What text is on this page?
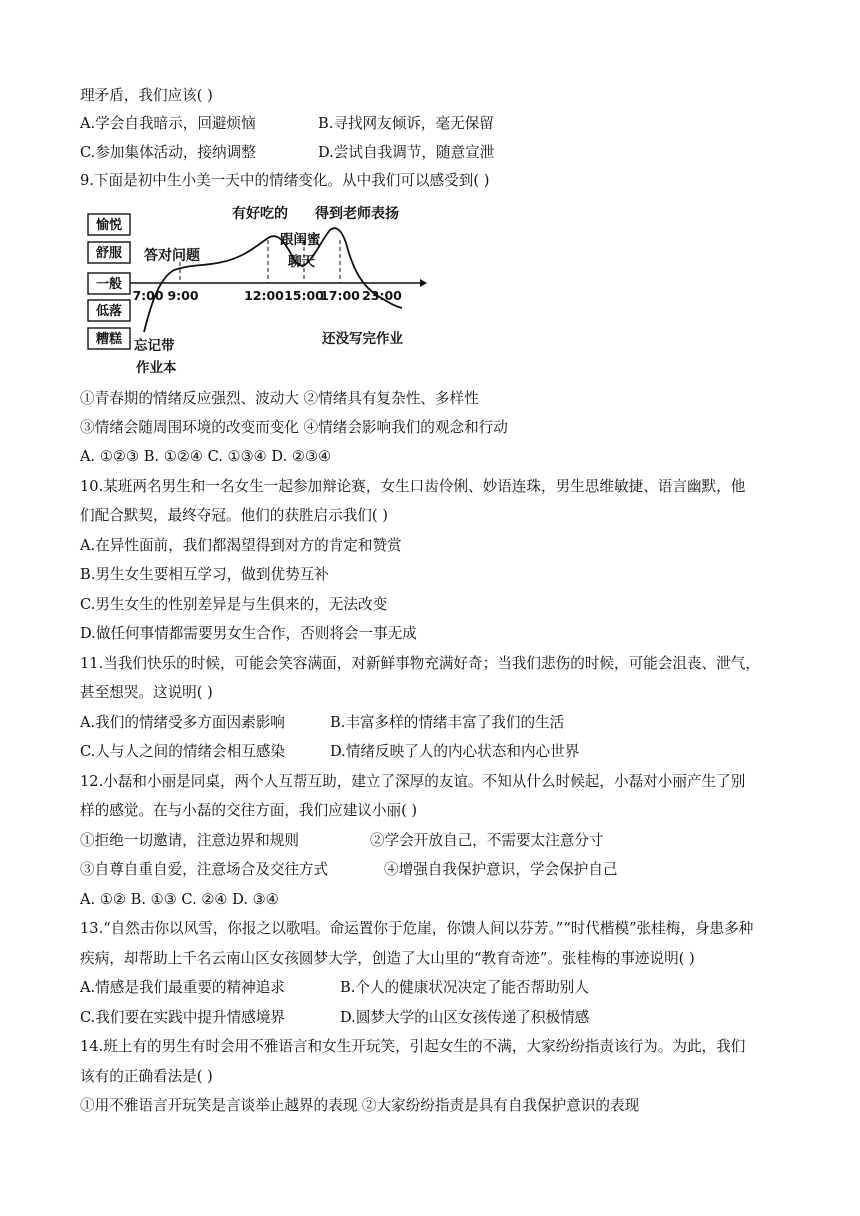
理矛盾，我们应该( )
A.学会自我暗示，回避烦恼	B.寻找网友倾诉，毫无保留
C.参加集体活动，接纳调整	D.尝试自我调节，随意宣泄
9.下面是初中生小美一天中的情绪变化。从中我们可以感受到( )
愉悦
舒服
一般
低落
糟糕
7:00 9:00	12:00 15:00
17:00 23:00
有好吃的 得到老师表扬
答对问题
跟闺蜜
聊天
忘记带
作业本
还没写完作业
①青春期的情绪反应强烈、波动大 ②情绪具有复杂性、多样性
③情绪会随周围环境的改变而变化 ④情绪会影响我们的观念和行动
A. ①②③ B. ①②④ C. ①③④ D. ②③④
10.某班两名男生和一名女生一起参加辩论赛，女生口齿伶俐、妙语连珠，男生思维敏捷、语言幽默，他
们配合默契，最终夺冠。他们的获胜启示我们( )
A.在异性面前，我们都渴望得到对方的肯定和赞赏
B.男生女生要相互学习，做到优势互补
C.男生女生的性别差异是与生俱来的，无法改变
D.做任何事情都需要男女生合作，否则将会一事无成
11.当我们快乐的时候，可能会笑容满面，对新鲜事物充满好奇；当我们悲伤的时候，可能会沮丧、泄气，
甚至想哭。这说明( )
A.我们的情绪受多方面因素影响	B.丰富多样的情绪丰富了我们的生活
C.人与人之间的情绪会相互感染	D.情绪反映了人的内心状态和内心世界
12.小磊和小丽是同桌，两个人互帮互助，建立了深厚的友谊。不知从什么时候起，小磊对小丽产生了别
样的感觉。在与小磊的交往方面，我们应建议小丽( )
①拒绝一切邀请，注意边界和规则	②学会开放自己，不需要太注意分寸
③自尊自重自爱，注意场合及交往方式	④增强自我保护意识，学会保护自己
A. ①② B. ①③ C. ②④ D. ③④
13.“自然击你以风雪，你报之以歌唱。命运置你于危崖，你馈人间以芬芳。”“时代楷模”张桂梅，身患多种
疾病，却帮助上千名云南山区女孩圆梦大学，创造了大山里的“教育奇迹”。张桂梅的事迹说明( )
A.情感是我们最重要的精神追求	B.个人的健康状况决定了能否帮助别人
C.我们要在实践中提升情感境界	D.圆梦大学的山区女孩传递了积极情感
14.班上有的男生有时会用不雅语言和女生开玩笑，引起女生的不满，大家纷纷指责该行为。为此，我们
该有的正确看法是( )
①用不雅语言开玩笑是言谈举止越界的表现 ②大家纷纷指责是具有自我保护意识的表现
